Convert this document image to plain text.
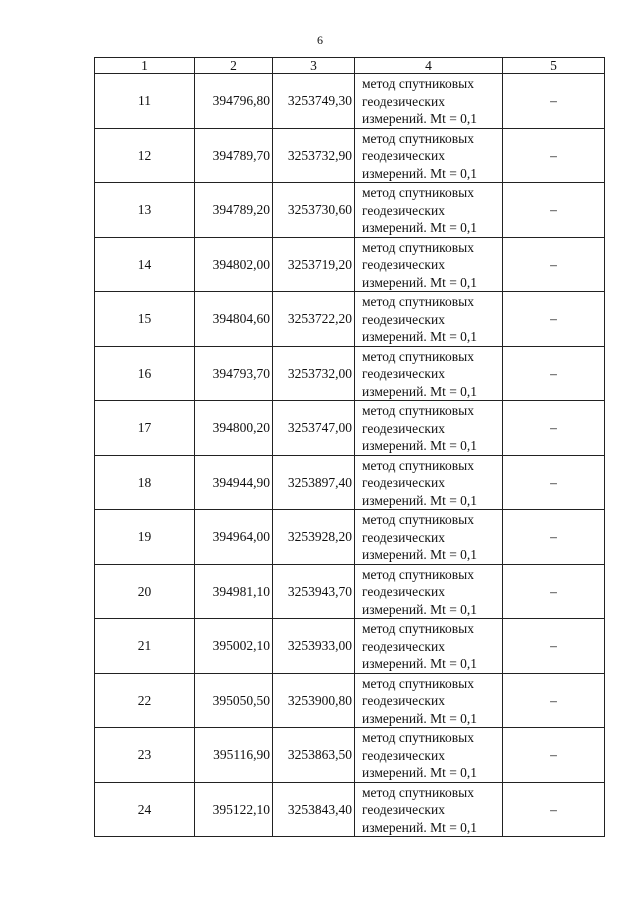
6
1	2	3	4	5
11	394796,80	3253749,30	метод спутниковых
геодезических
измерений. Mt = 0,1	–
12	394789,70	3253732,90	метод спутниковых
геодезических
измерений. Mt = 0,1	–
13	394789,20	3253730,60	метод спутниковых
геодезических
измерений. Mt = 0,1	–
14	394802,00	3253719,20	метод спутниковых
геодезических
измерений. Mt = 0,1	–
15	394804,60	3253722,20	метод спутниковых
геодезических
измерений. Mt = 0,1	–
16	394793,70	3253732,00	метод спутниковых
геодезических
измерений. Mt = 0,1	–
17	394800,20	3253747,00	метод спутниковых
геодезических
измерений. Mt = 0,1	–
18	394944,90	3253897,40	метод спутниковых
геодезических
измерений. Mt = 0,1	–
19	394964,00	3253928,20	метод спутниковых
геодезических
измерений. Mt = 0,1	–
20	394981,10	3253943,70	метод спутниковых
геодезических
измерений. Mt = 0,1	–
21	395002,10	3253933,00	метод спутниковых
геодезических
измерений. Mt = 0,1	–
22	395050,50	3253900,80	метод спутниковых
геодезических
измерений. Mt = 0,1	–
23	395116,90	3253863,50	метод спутниковых
геодезических
измерений. Mt = 0,1	–
24	395122,10	3253843,40	метод спутниковых
геодезических
измерений. Mt = 0,1	–
